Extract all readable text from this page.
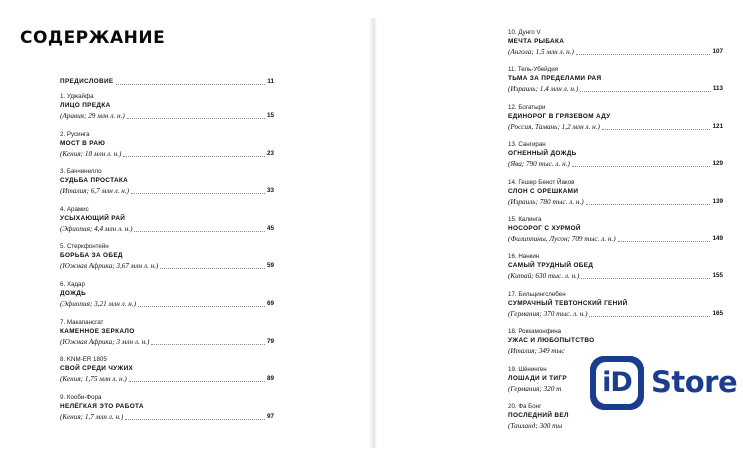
СОДЕРЖАНИЕ
ПРЕДИСЛОВИЕ	11
1. Уджайфа
ЛИЦО ПРЕДКА
(Аравия; 29 млн л. н.)	15
2. Русинга
МОСТ В РАЮ
(Кения; 18 млн л. н.)	23
3. Баччинелло
СУДЬБА ПРОСТАКА
(Италия; 6,7 млн л. н.)	33
4. Арамис
УСЫХАЮЩИЙ РАЙ
(Эфиопия; 4,4 млн л. н.)	45
5. Стеркфонтейн
БОРЬБА ЗА ОБЕД
(Южная Африка; 3,67 млн л. н.)	59
6. Хадар
ДОЖДЬ
(Эфиопия; 3,21 млн л. н.)	69
7. Макапансгат
КАМЕННОЕ ЗЕРКАЛО
(Южная Африка; 3 млн л. н.)	79
8. KNM-ER 1805
СВОЙ СРЕДИ ЧУЖИХ
(Кения; 1,75 млн л. н.)	89
9. Кооби-Фора
НЕЛЁГКАЯ ЭТО РАБОТА
(Кения; 1,7 млн л. н.)	97
10. Дунго V
МЕЧТА РЫБАКА
(Ангола; 1,5 млн л. н.)	107
11. Тель-Убейдия
ТЬМА ЗА ПРЕДЕЛАМИ РАЯ
(Израиль; 1,4 млн л. н.)	113
12. Богатыри
ЕДИНОРОГ В ГРЯЗЕВОМ АДУ
(Россия, Тамань; 1,2 млн л. н.)	121
13. Сангиран
ОГНЕННЫЙ ДОЖДЬ
(Ява; 790 тыс. л. н.)	129
14. Гешер Бенот Йаков
СЛОН С ОРЕШКАМИ
(Израиль; 780 тыс. л. н.)	139
15. Калинга
НОСОРОГ С ХУРМОЙ
(Филиппины, Лусон; 709 тыс. л. н.)	149
16. Нанкин
САМЫЙ ТРУДНЫЙ ОБЕД
(Китай; 630 тыс. л. н.)	155
17. Бильцингслебен
СУМРАЧНЫЙ ТЕВТОНСКИЙ ГЕНИЙ
(Германия; 370 тыс. л. н.)	165
18. Роккамонфина
УЖАС И ЛЮБОПЫТСТВО
(Италия; 349 тыс
19. Шёнинген
ЛОШАДИ И ТИГР
(Германия; 320 т
20. Фа Бонг
ПОСЛЕДНИЙ ВЕЛ
(Таиланд; 300 ты
iD Store
